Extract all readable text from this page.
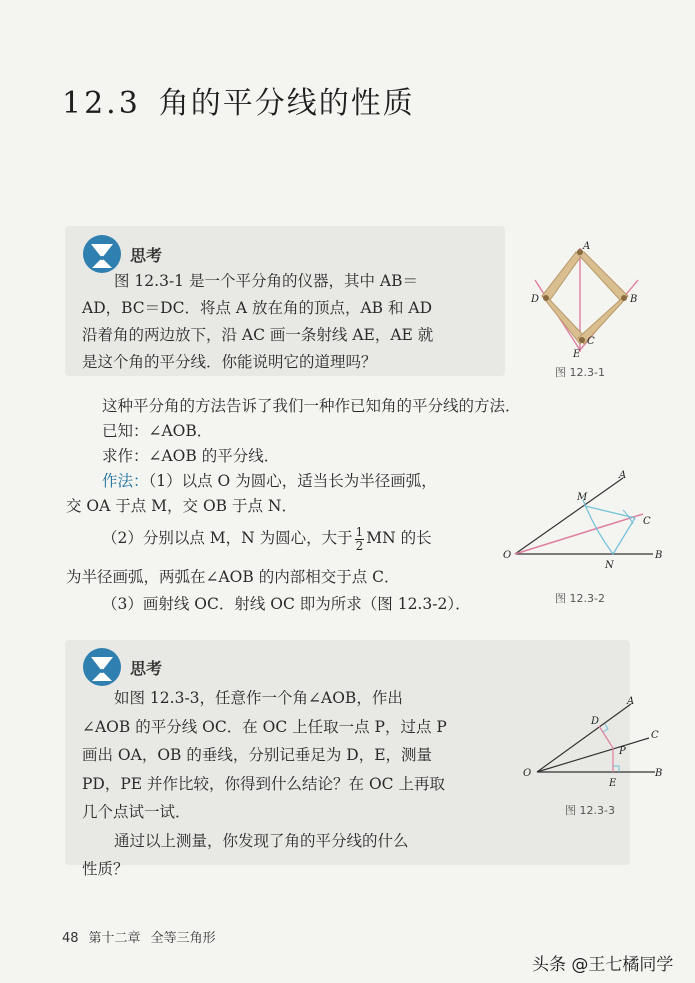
12.3 角的平分线的性质
思考
图 12.3-1 是一个平分角的仪器，其中 AB＝
AD，BC＝DC．将点 A 放在角的顶点，AB 和 AD
沿着角的两边放下，沿 AC 画一条射线 AE，AE 就
是这个角的平分线．你能说明它的道理吗？
A
D	B
C
E
图 12.3-1
这种平分角的方法告诉了我们一种作已知角的平分线的方法．
已知：∠AOB．
求作：∠AOB 的平分线．
作法：（1）以点 O 为圆心，适当长为半径画弧，
交 OA 于点 M，交 OB 于点 N．
（2）分别以点 M，N 为圆心，大于 $\frac{1}{2}$ MN 的长
为半径画弧，两弧在∠AOB 的内部相交于点 C．
（3）画射线 OC．射线 OC 即为所求（图 12.3-2）．
O
A
B
M
N
C
图 12.3-2
思考
如图 12.3-3，任意作一个角∠AOB，作出
∠AOB 的平分线 OC．在 OC 上任取一点 P，过点 P
画出 OA，OB 的垂线，分别记垂足为 D，E，测量
PD，PE 并作比较，你得到什么结论？在 OC 上再取
几个点试一试．
通过以上测量，你发现了角的平分线的什么
性质？
O
A
B
C
D
P
E
图 12.3-3
48 第十二章 全等三角形
头条 @王七橘同学
